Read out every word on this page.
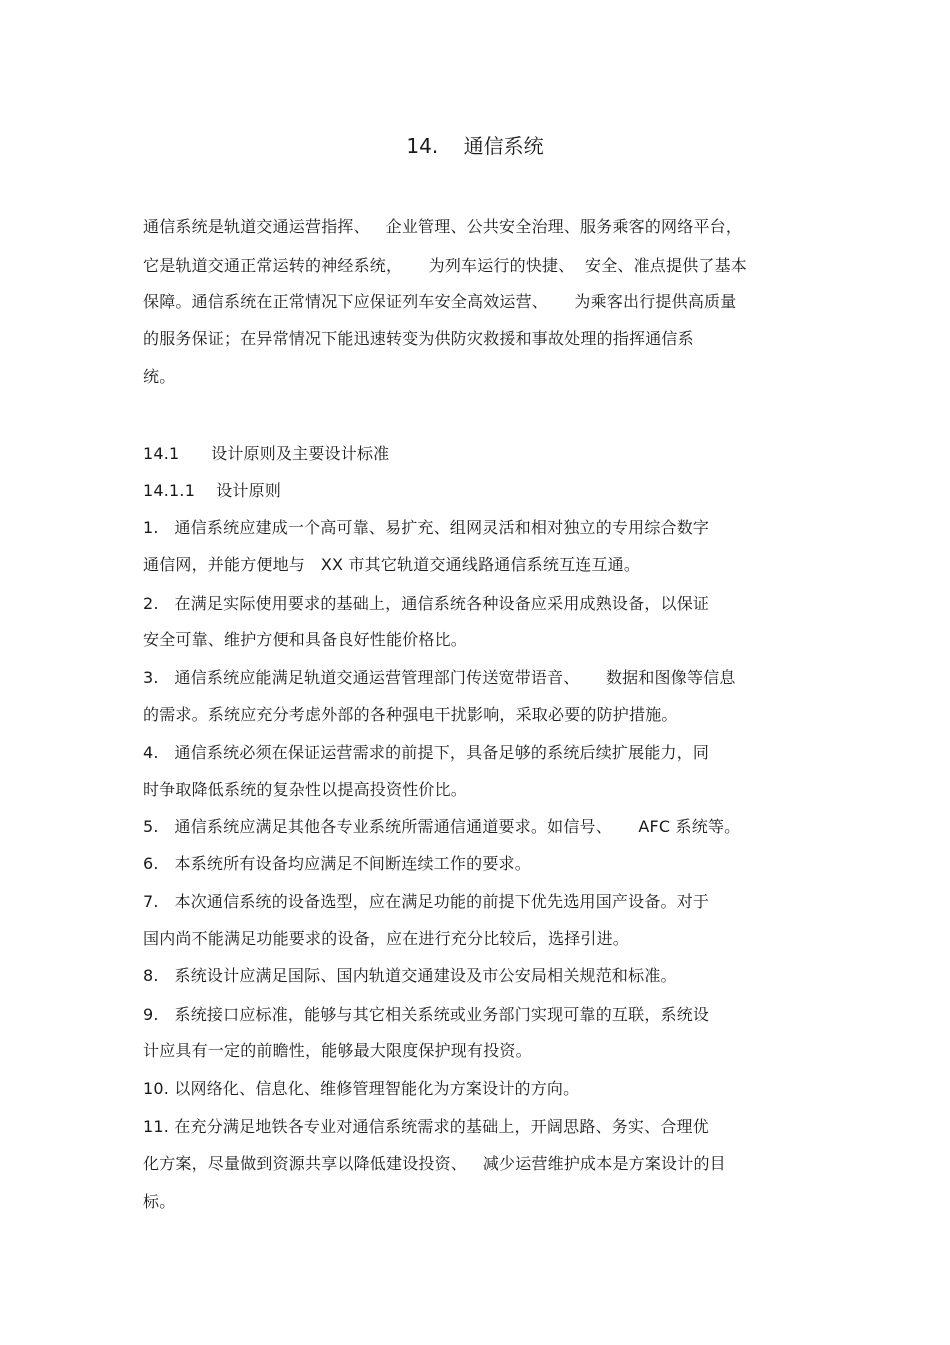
14.    通信系统
通信系统是轨道交通运营指挥、   企业管理、公共安全治理、服务乘客的网络平台，
它是轨道交通正常运转的神经系统，     为列车运行的快捷、  安全、准点提供了基本
保障。通信系统在正常情况下应保证列车安全高效运营、     为乘客出行提供高质量
的服务保证；在异常情况下能迅速转变为供防灾救援和事故处理的指挥通信系
统。
14.1      设计原则及主要设计标准
14.1.1    设计原则
1.   通信系统应建成一个高可靠、易扩充、组网灵活和相对独立的专用综合数字
通信网，并能方便地与   XX 市其它轨道交通线路通信系统互连互通。
2.   在满足实际使用要求的基础上，通信系统各种设备应采用成熟设备，以保证
安全可靠、维护方便和具备良好性能价格比。
3.   通信系统应能满足轨道交通运营管理部门传送宽带语音、     数据和图像等信息
的需求。系统应充分考虑外部的各种强电干扰影响，采取必要的防护措施。
4.   通信系统必须在保证运营需求的前提下，具备足够的系统后续扩展能力，同
时争取降低系统的复杂性以提高投资性价比。
5.   通信系统应满足其他各专业系统所需通信通道要求。如信号、     AFC 系统等。
6.   本系统所有设备均应满足不间断连续工作的要求。
7.   本次通信系统的设备选型，应在满足功能的前提下优先选用国产设备。对于
国内尚不能满足功能要求的设备，应在进行充分比较后，选择引进。
8.   系统设计应满足国际、国内轨道交通建设及市公安局相关规范和标准。
9.   系统接口应标准，能够与其它相关系统或业务部门实现可靠的互联，系统设
计应具有一定的前瞻性，能够最大限度保护现有投资。
10. 以网络化、信息化、维修管理智能化为方案设计的方向。
11. 在充分满足地铁各专业对通信系统需求的基础上，开阔思路、务实、合理优
化方案，尽量做到资源共享以降低建设投资、   减少运营维护成本是方案设计的目
标。
